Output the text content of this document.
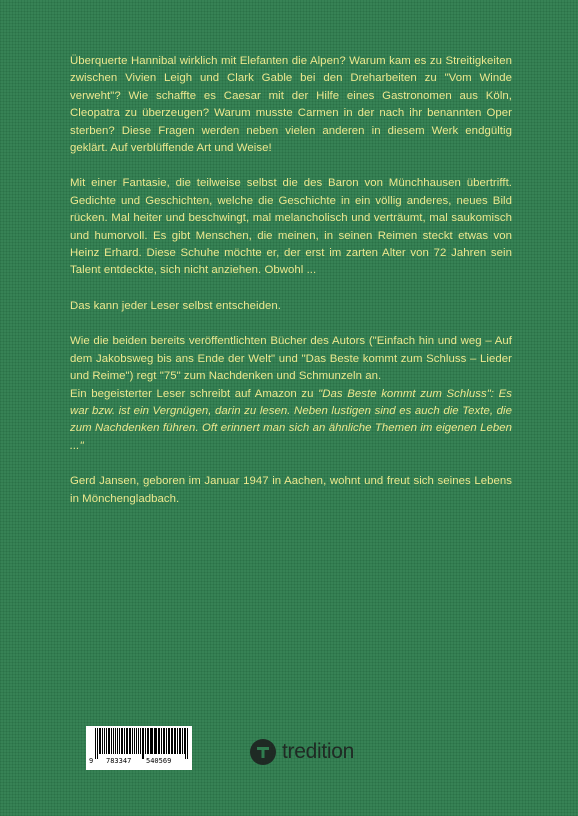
Überquerte Hannibal wirklich mit Elefanten die Alpen? Warum kam es zu Streitigkeiten zwischen Vivien Leigh und Clark Gable bei den Dreharbeiten zu "Vom Winde verweht"? Wie schaffte es Caesar mit der Hilfe eines Gastronomen aus Köln, Cleopatra zu überzeugen? Warum musste Carmen in der nach ihr benannten Oper sterben? Diese Fragen werden neben vielen anderen in diesem Werk endgültig geklärt. Auf verblüffende Art und Weise!

Mit einer Fantasie, die teilweise selbst die des Baron von Münchhausen übertrifft. Gedichte und Geschichten, welche die Geschichte in ein völlig anderes, neues Bild rücken. Mal heiter und beschwingt, mal melancholisch und verträumt, mal saukomisch und humorvoll. Es gibt Menschen, die meinen, in seinen Reimen steckt etwas von Heinz Erhard. Diese Schuhe möchte er, der erst im zarten Alter von 72 Jahren sein Talent entdeckte, sich nicht anziehen. Obwohl ...

Das kann jeder Leser selbst entscheiden.

Wie die beiden bereits veröffentlichten Bücher des Autors ("Einfach hin und weg – Auf dem Jakobsweg bis ans Ende der Welt" und "Das Beste kommt zum Schluss – Lieder und Reime") regt "75" zum Nachdenken und Schmunzeln an.

Ein begeisterter Leser schreibt auf Amazon zu "Das Beste kommt zum Schluss": Es war bzw. ist ein Vergnügen, darin zu lesen. Neben lustigen sind es auch die Texte, die zum Nachdenken führen. Oft erinnert man sich an ähnliche Themen im eigenen Leben ..."

Gerd Jansen, geboren im Januar 1947 in Aachen, wohnt und freut sich seines Lebens in Mönchengladbach.

9 783347 540569	tredition
